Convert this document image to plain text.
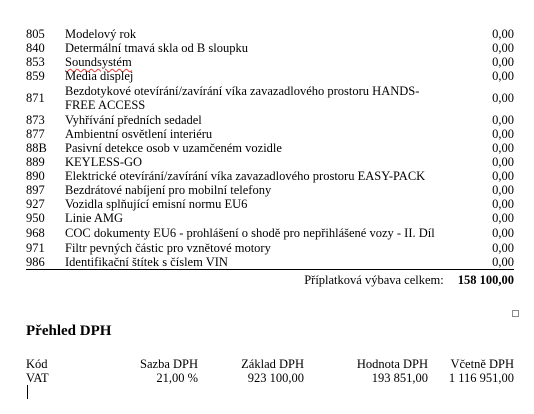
805	Modelový rok	0,00
840	Determální tmavá skla od B sloupku	0,00
853	Soundsystém	0,00
859	Media displej	0,00
871	Bezdotykové otevírání/zavírání víka zavazadlového prostoru HANDS-FREE ACCESS	0,00
873	Vyhřívání předních sedadel	0,00
877	Ambientní osvětlení interiéru	0,00
88B	Pasivní detekce osob v uzamčeném vozidle	0,00
889	KEYLESS-GO	0,00
890	Elektrické otevírání/zavírání víka zavazadlového prostoru EASY-PACK	0,00
897	Bezdrátové nabíjení pro mobilní telefony	0,00
927	Vozidla splňující emisní normu EU6	0,00
950	Linie AMG	0,00
968	COC dokumenty EU6 - prohlášení o shodě pro nepřihlášené vozy - II. Díl	0,00
971	Filtr pevných částic pro vznětové motory	0,00
986	Identifikační štítek s číslem VIN	0,00
Příplatková výbava celkem: 158 100,00
Přehled DPH
Kód	Sazba DPH	Základ DPH	Hodnota DPH	Včetně DPH
VAT	21,00 %	923 100,00	193 851,00	1 116 951,00
